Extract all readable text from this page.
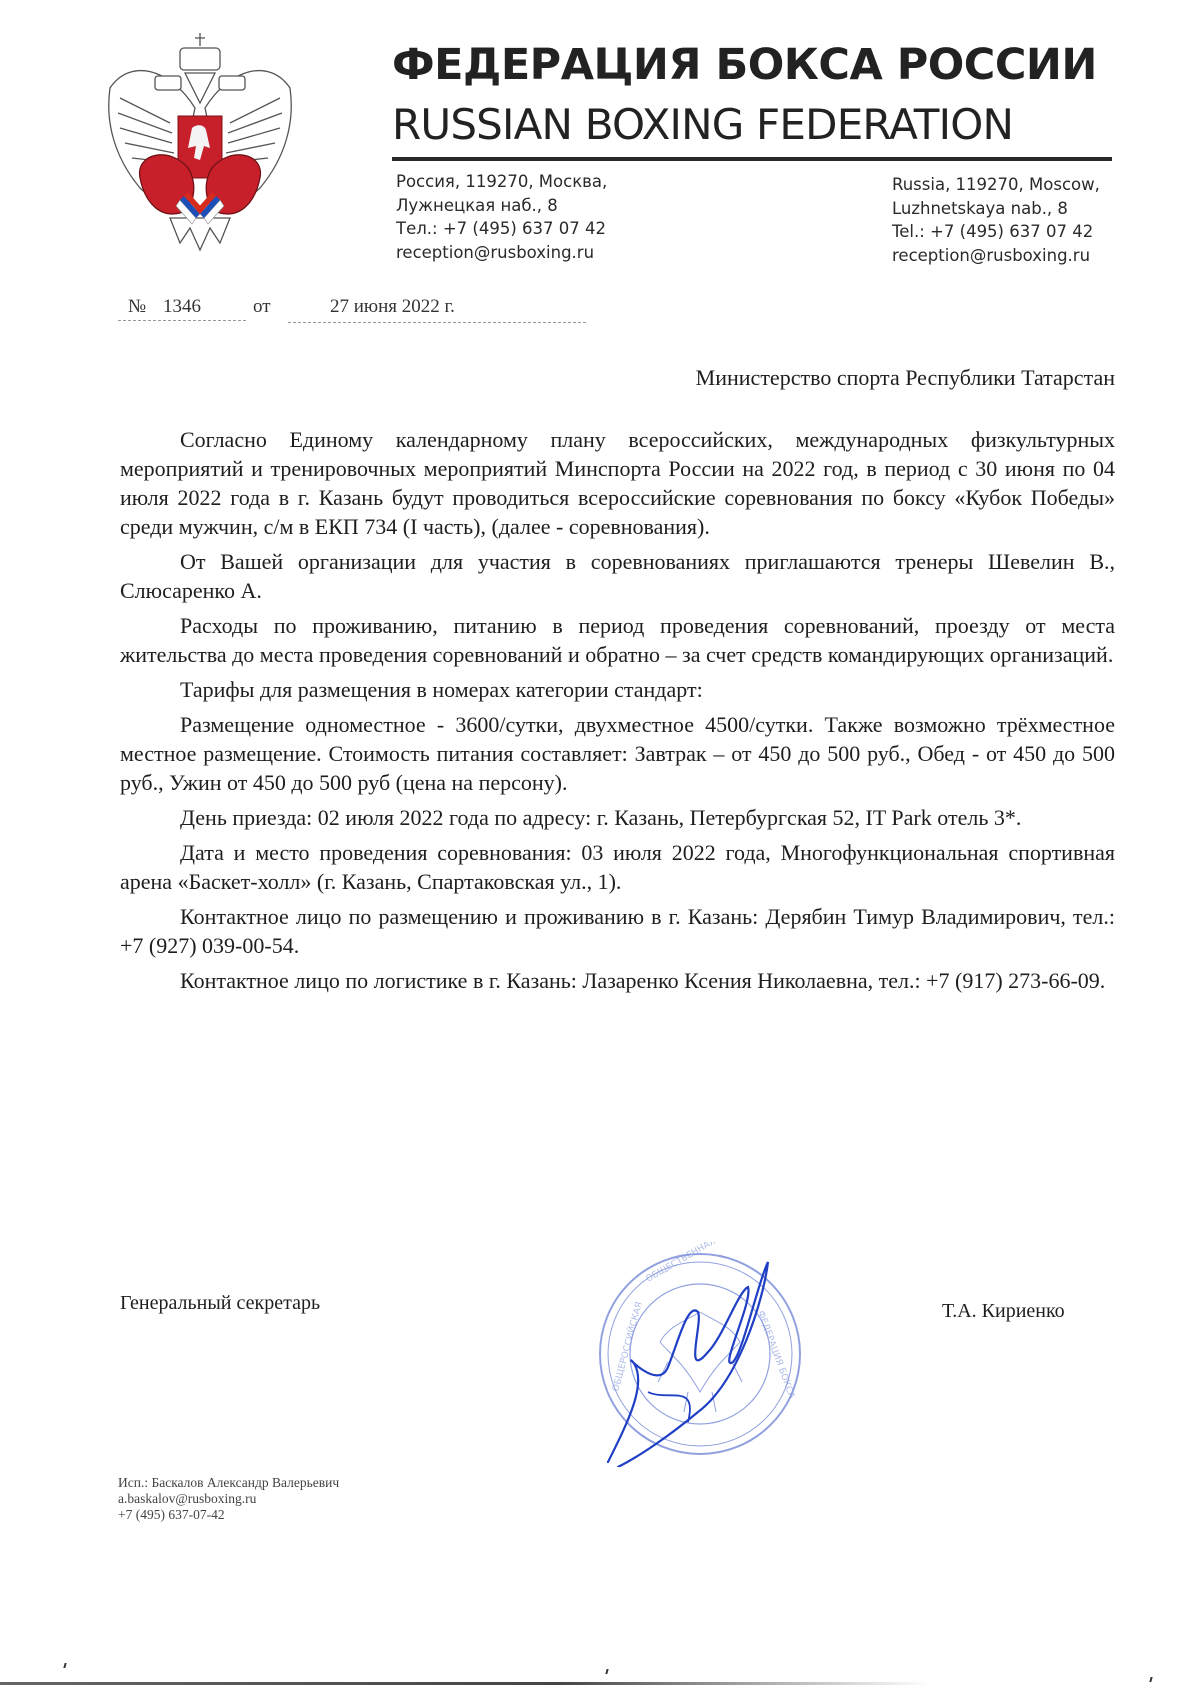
ФЕДЕРАЦИЯ БОКСА РОССИИ
RUSSIAN BOXING FEDERATION
Россия, 119270, Москва,
Лужнецкая наб., 8
Тел.: +7 (495) 637 07 42
reception@rusboxing.ru
Russia, 119270, Moscow,
Luzhnetskaya nab., 8
Tel.: +7 (495) 637 07 42
reception@rusboxing.ru
№ 1346	от	27 июня 2022 г.
Министерство спорта Республики Татарстан

Согласно Единому календарному плану всероссийских, международных физкультурных мероприятий и тренировочных мероприятий Минспорта России на 2022 год, в период с 30 июня по 04 июля 2022 года в г. Казань будут проводиться всероссийские соревнования по боксу «Кубок Победы» среди мужчин, с/м в ЕКП 734 (I часть), (далее - соревнования).

От Вашей организации для участия в соревнованиях приглашаются тренеры Шевелин В., Слюсаренко А.

Расходы по проживанию, питанию в период проведения соревнований, проезду от места жительства до места проведения соревнований и обратно – за счет средств командирующих организаций.

Тарифы для размещения в номерах категории стандарт:

Размещение одноместное - 3600/сутки, двухместное 4500/сутки. Также возможно трёхместное местное размещение. Стоимость питания составляет: Завтрак – от 450 до 500 руб., Обед - от 450 до 500 руб., Ужин от 450 до 500 руб (цена на персону).

День приезда: 02 июля 2022 года по адресу: г. Казань, Петербургская 52, IT Park отель 3*.

Дата и место проведения соревнования: 03 июля 2022 года, Многофункциональная спортивная арена «Баскет-холл» (г. Казань, Спартаковская ул., 1).

Контактное лицо по размещению и проживанию в г. Казань: Дерябин Тимур Владимирович, тел.: +7 (927) 039-00-54.

Контактное лицо по логистике в г. Казань: Лазаренко Ксения Николаевна, тел.: +7 (917) 273-66-09.

Генеральный секретарь	Т.А. Кириенко
ОБЩЕСТВЕННАЯ ОРГАНИЗАЦИЯ
ОБЩЕРОССИЙСКАЯ	ФЕДЕРАЦИЯ БОКСА
Исп.: Баскалов Александр Валерьевич
a.baskalov@rusboxing.ru
+7 (495) 637-07-42
